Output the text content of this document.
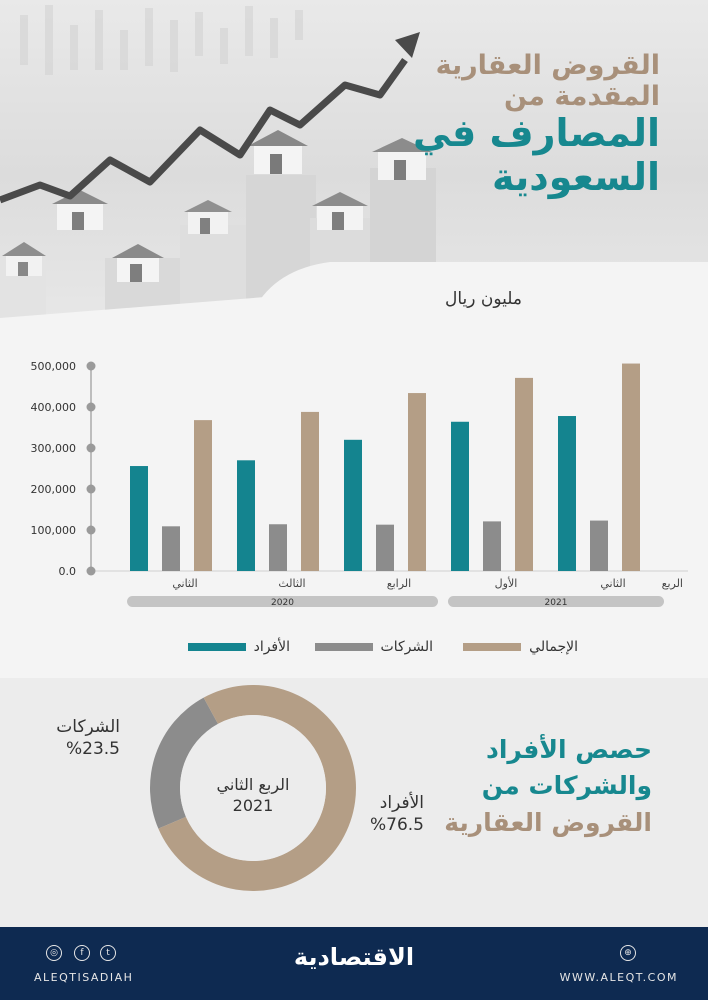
القروض العقارية
المقدمة من
المصارف في
السعودية
مليون ريال
0.0
100,000
200,000
300,000
400,000
500,000
الثاني	الثالث	الرابع	الأول	الثاني	الربع
2020	2021
الإجمالي
الشركات
الأفراد
الربع الثاني
2021
الشركات
%23.5
الأفراد
%76.5
حصص الأفراد
والشركات من
القروض العقارية
◎	f	t
ALEQTISADIAH
الاقتصادية	⊕
WWW.ALEQT.COM
